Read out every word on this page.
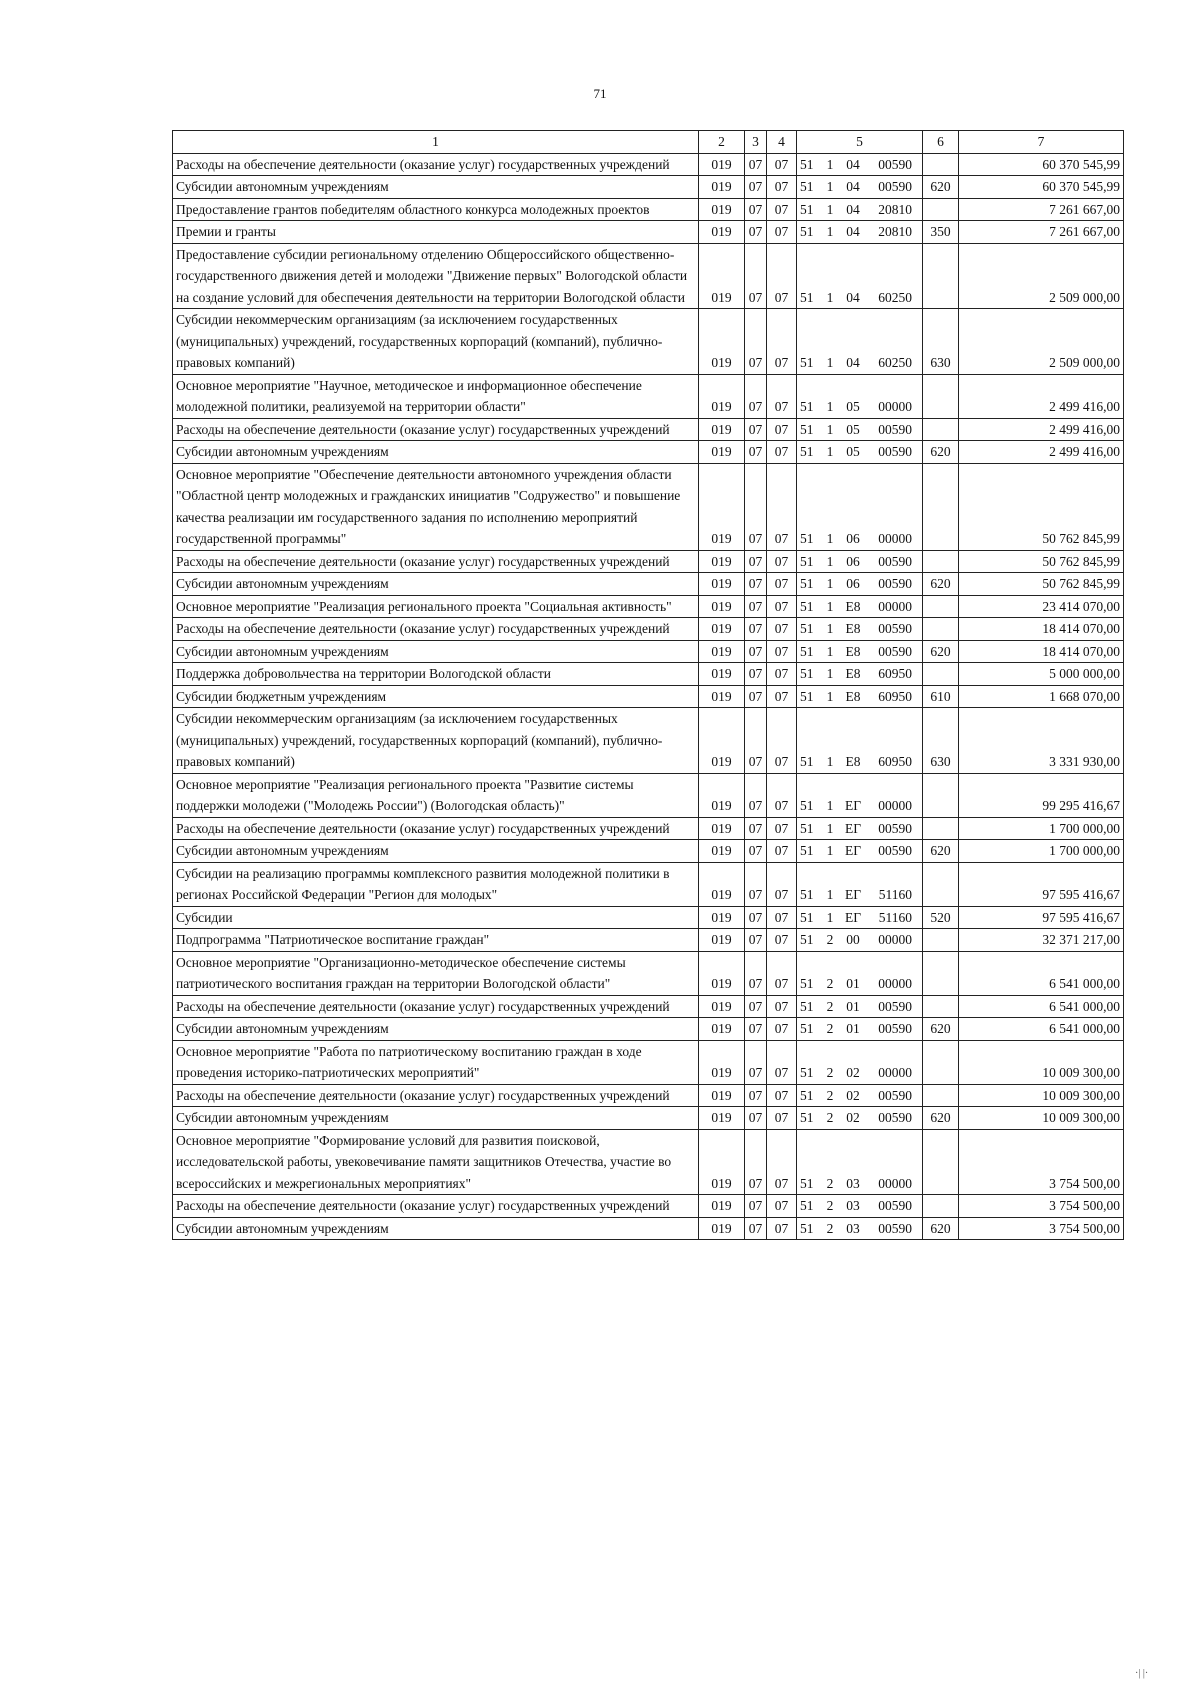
71
1	2	3	4	5	6	7
Расходы на обеспечение деятельности (оказание услуг) государственных учреждений	019	07	07	51 1 04 00590		60 370 545,99
Субсидии автономным учреждениям	019	07	07	51 1 04 00590	620	60 370 545,99
Предоставление грантов победителям областного конкурса молодежных проектов	019	07	07	51 1 04 20810		7 261 667,00
Премии и гранты	019	07	07	51 1 04 20810	350	7 261 667,00
Предоставление субсидии региональному отделению Общероссийского общественно-государственного движения детей и молодежи "Движение первых" Вологодской области на создание условий для обеспечения деятельности на территории Вологодской области	019	07	07	51 1 04 60250		2 509 000,00
Субсидии некоммерческим организациям (за исключением государственных (муниципальных) учреждений, государственных корпораций (компаний), публично-правовых компаний)	019	07	07	51 1 04 60250	630	2 509 000,00
Основное мероприятие "Научное, методическое и информационное обеспечение молодежной политики, реализуемой на территории области"	019	07	07	51 1 05 00000		2 499 416,00
Расходы на обеспечение деятельности (оказание услуг) государственных учреждений	019	07	07	51 1 05 00590		2 499 416,00
Субсидии автономным учреждениям	019	07	07	51 1 05 00590	620	2 499 416,00
Основное мероприятие "Обеспечение деятельности автономного учреждения области "Областной центр молодежных и гражданских инициатив "Содружество" и повышение качества реализации им государственного задания по исполнению мероприятий государственной программы"	019	07	07	51 1 06 00000		50 762 845,99
Расходы на обеспечение деятельности (оказание услуг) государственных учреждений	019	07	07	51 1 06 00590		50 762 845,99
Субсидии автономным учреждениям	019	07	07	51 1 06 00590	620	50 762 845,99
Основное мероприятие "Реализация регионального проекта "Социальная активность"	019	07	07	51 1 E8 00000		23 414 070,00
Расходы на обеспечение деятельности (оказание услуг) государственных учреждений	019	07	07	51 1 E8 00590		18 414 070,00
Субсидии автономным учреждениям	019	07	07	51 1 E8 00590	620	18 414 070,00
Поддержка добровольчества на территории Вологодской области	019	07	07	51 1 E8 60950		5 000 000,00
Субсидии бюджетным учреждениям	019	07	07	51 1 E8 60950	610	1 668 070,00
Субсидии некоммерческим организациям (за исключением государственных (муниципальных) учреждений, государственных корпораций (компаний), публично-правовых компаний)	019	07	07	51 1 E8 60950	630	3 331 930,00
Основное мероприятие "Реализация регионального проекта "Развитие системы поддержки молодежи ("Молодежь России") (Вологодская область)"	019	07	07	51 1 ЕГ 00000		99 295 416,67
Расходы на обеспечение деятельности (оказание услуг) государственных учреждений	019	07	07	51 1 ЕГ 00590		1 700 000,00
Субсидии автономным учреждениям	019	07	07	51 1 ЕГ 00590	620	1 700 000,00
Субсидии на реализацию программы комплексного развития молодежной политики в регионах Российской Федерации "Регион для молодых"	019	07	07	51 1 ЕГ 51160		97 595 416,67
Субсидии	019	07	07	51 1 ЕГ 51160	520	97 595 416,67
Подпрограмма "Патриотическое воспитание граждан"	019	07	07	51 2 00 00000		32 371 217,00
Основное мероприятие "Организационно-методическое обеспечение системы патриотического воспитания граждан на территории Вологодской области"	019	07	07	51 2 01 00000		6 541 000,00
Расходы на обеспечение деятельности (оказание услуг) государственных учреждений	019	07	07	51 2 01 00590		6 541 000,00
Субсидии автономным учреждениям	019	07	07	51 2 01 00590	620	6 541 000,00
Основное мероприятие "Работа по патриотическому воспитанию граждан в ходе проведения историко-патриотических мероприятий"	019	07	07	51 2 02 00000		10 009 300,00
Расходы на обеспечение деятельности (оказание услуг) государственных учреждений	019	07	07	51 2 02 00590		10 009 300,00
Субсидии автономным учреждениям	019	07	07	51 2 02 00590	620	10 009 300,00
Основное мероприятие "Формирование условий для развития поисковой, исследовательской работы, увековечивание памяти защитников Отечества, участие во всероссийских и межрегиональных мероприятиях"	019	07	07	51 2 03 00000		3 754 500,00
Расходы на обеспечение деятельности (оказание услуг) государственных учреждений	019	07	07	51 2 03 00590		3 754 500,00
Субсидии автономным учреждениям	019	07	07	51 2 03 00590	620	3 754 500,00
·| |·
